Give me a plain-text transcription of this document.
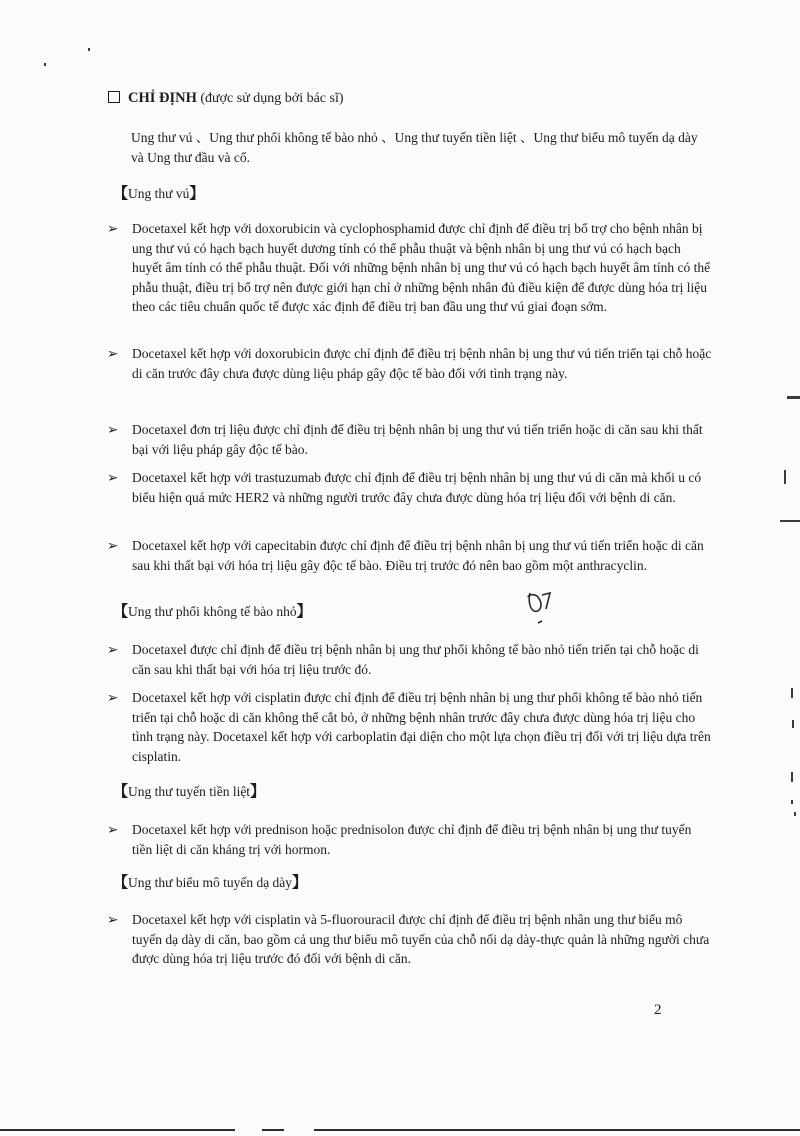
CHỈ ĐỊNH (được sử dụng bởi bác sĩ)
Ung thư vú 、Ung thư phổi không tế bào nhỏ 、Ung thư tuyến tiền liệt 、Ung thư biểu mô tuyến dạ dày và Ung thư đầu và cổ.
【Ung thư vú】
➢ Docetaxel kết hợp với doxorubicin và cyclophosphamid được chỉ định để điều trị bổ trợ cho bệnh nhân bị ung thư vú có hạch bạch huyết dương tính có thể phẫu thuật và bệnh nhân bị ung thư vú có hạch bạch huyết âm tính có thể phẫu thuật. Đối với những bệnh nhân bị ung thư vú có hạch bạch huyết âm tính có thể phẫu thuật, điều trị bổ trợ nên được giới hạn chỉ ở những bệnh nhân đủ điều kiện để được dùng hóa trị liệu theo các tiêu chuẩn quốc tế được xác định để điều trị ban đầu ung thư vú giai đoạn sớm.
➢ Docetaxel kết hợp với doxorubicin được chỉ định để điều trị bệnh nhân bị ung thư vú tiến triển tại chỗ hoặc di căn trước đây chưa được dùng liệu pháp gây độc tế bào đối với tình trạng này.
➢ Docetaxel đơn trị liệu được chỉ định để điều trị bệnh nhân bị ung thư vú tiến triển hoặc di căn sau khi thất bại với liệu pháp gây độc tế bào.
➢ Docetaxel kết hợp với trastuzumab được chỉ định để điều trị bệnh nhân bị ung thư vú di căn mà khối u có biểu hiện quá mức HER2 và những người trước đây chưa được dùng hóa trị liệu đối với bệnh di căn.
➢ Docetaxel kết hợp với capecitabin được chỉ định để điều trị bệnh nhân bị ung thư vú tiến triển hoặc di căn sau khi thất bại với hóa trị liệu gây độc tế bào. Điều trị trước đó nên bao gồm một anthracyclin.
【Ung thư phổi không tế bào nhỏ】
➢ Docetaxel được chỉ định để điều trị bệnh nhân bị ung thư phổi không tế bào nhỏ tiến triển tại chỗ hoặc di căn sau khi thất bại với hóa trị liệu trước đó.
➢ Docetaxel kết hợp với cisplatin được chỉ định để điều trị bệnh nhân bị ung thư phổi không tế bào nhỏ tiến triển tại chỗ hoặc di căn không thể cắt bỏ, ở những bệnh nhân trước đây chưa được dùng hóa trị liệu cho tình trạng này. Docetaxel kết hợp với carboplatin đại diện cho một lựa chọn điều trị đối với trị liệu dựa trên cisplatin.
【Ung thư tuyến tiền liệt】
➢ Docetaxel kết hợp với prednison hoặc prednisolon được chỉ định để điều trị bệnh nhân bị ung thư tuyến tiền liệt di căn kháng trị với hormon.
【Ung thư biểu mô tuyến dạ dày】
➢ Docetaxel kết hợp với cisplatin và 5-fluorouracil được chỉ định để điều trị bệnh nhân ung thư biểu mô tuyến dạ dày di căn, bao gồm cả ung thư biểu mô tuyến của chỗ nối dạ dày-thực quản là những người chưa được dùng hóa trị liệu trước đó đối với bệnh di căn.
2
